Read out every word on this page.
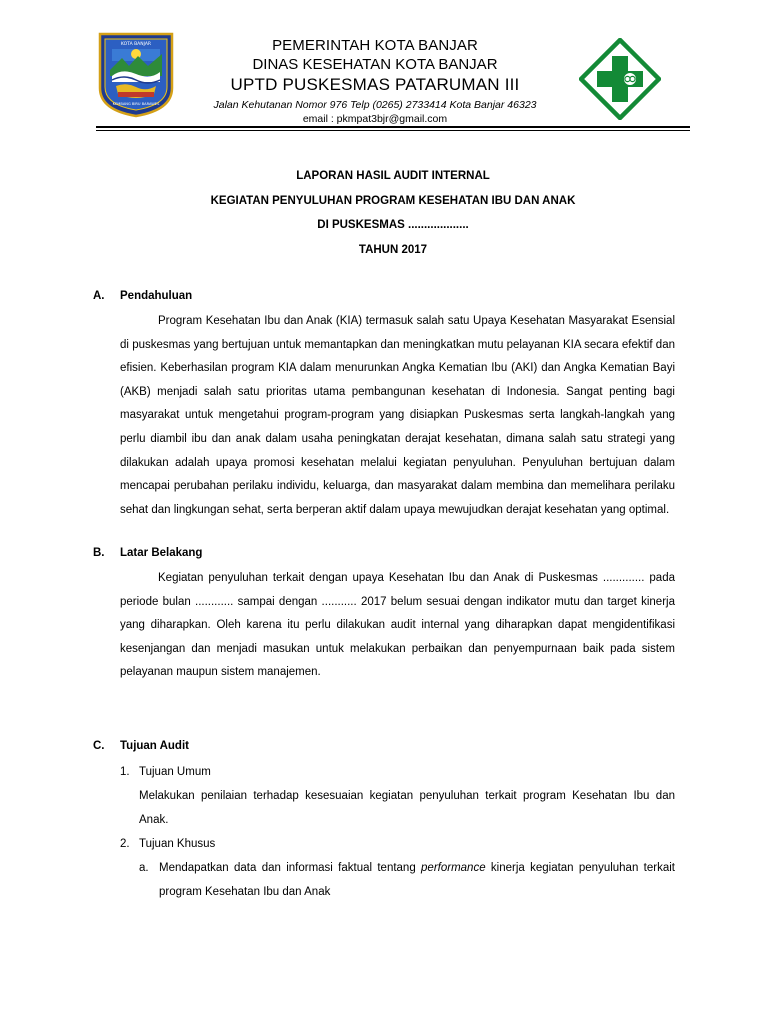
KOTA BANJAR
KEMBANG BIRU BARAWES
PEMERINTAH KOTA BANJAR
DINAS KESEHATAN KOTA BANJAR
UPTD PUSKESMAS PATARUMAN III
Jalan Kehutanan Nomor 976 Telp (0265) 2733414 Kota Banjar 46323
email : pkmpat3bjr@gmail.com
LAPORAN HASIL AUDIT INTERNAL
KEGIATAN PENYULUHAN PROGRAM KESEHATAN IBU DAN ANAK
DI PUSKESMAS ...................
TAHUN 2017
A.	Pendahuluan
Program Kesehatan Ibu dan Anak (KIA) termasuk salah satu Upaya Kesehatan Masyarakat Esensial di puskesmas yang bertujuan untuk memantapkan dan meningkatkan mutu pelayanan KIA secara efektif dan efisien. Keberhasilan program KIA dalam menurunkan Angka Kematian Ibu (AKI) dan Angka Kematian Bayi (AKB) menjadi salah satu prioritas utama pembangunan kesehatan di Indonesia. Sangat penting bagi masyarakat untuk mengetahui program-program yang disiapkan Puskesmas serta langkah-langkah yang perlu diambil ibu dan anak dalam usaha peningkatan derajat kesehatan, dimana salah satu strategi yang dilakukan adalah upaya promosi kesehatan melalui kegiatan penyuluhan. Penyuluhan bertujuan dalam mencapai perubahan perilaku individu, keluarga, dan masyarakat dalam membina dan memelihara perilaku sehat dan lingkungan sehat, serta berperan aktif dalam upaya mewujudkan derajat kesehatan yang optimal.
B.	Latar Belakang
Kegiatan penyuluhan terkait dengan upaya Kesehatan Ibu dan Anak di Puskesmas ............. pada periode bulan ............ sampai dengan ........... 2017 belum sesuai dengan indikator mutu dan target kinerja yang diharapkan. Oleh karena itu perlu dilakukan audit internal yang diharapkan dapat mengidentifikasi kesenjangan dan menjadi masukan untuk melakukan perbaikan dan penyempurnaan baik pada sistem pelayanan maupun sistem manajemen.
C.	Tujuan Audit
1. Tujuan Umum
Melakukan penilaian terhadap kesesuaian kegiatan penyuluhan terkait program Kesehatan Ibu dan Anak.
2. Tujuan Khusus
a. Mendapatkan data dan informasi faktual tentang performance kinerja kegiatan penyuluhan terkait program Kesehatan Ibu dan Anak
